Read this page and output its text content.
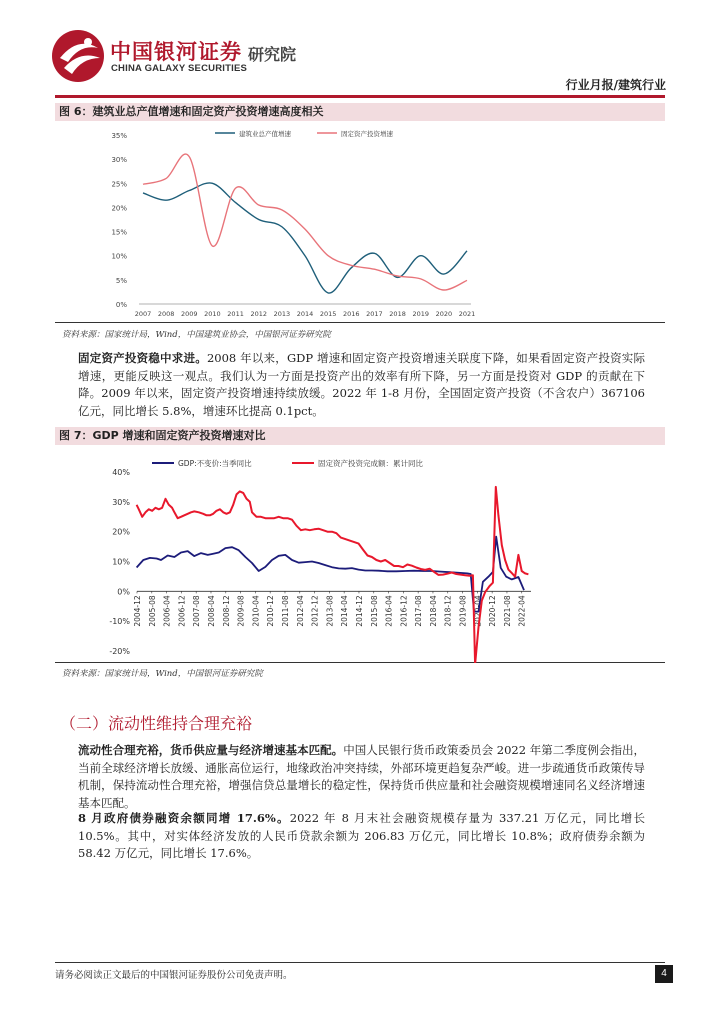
中国银河证券 研究院
CHINA GALAXY SECURITIES
行业月报/建筑行业
图 6：建筑业总产值增速和固定资产投资增速高度相关
0%
5%
10%
15%
20%
25%
30%
35%
2007 2008 2009 2010 2011 2012 2013 2014 2015 2016 2017 2018 2019 2020 2021
建筑业总产值增速	固定资产投资增速
资料来源：国家统计局，Wind，中国建筑业协会，中国银河证券研究院
固定资产投资稳中求进。2008 年以来，GDP 增速和固定资产投资增速关联度下降，如果看固定资产投资实际增速，更能反映这一观点。我们认为一方面是投资产出的效率有所下降，另一方面是投资对 GDP 的贡献在下降。2009 年以来，固定资产投资增速持续放缓。2022 年 1-8 月份，全国固定资产投资（不含农户）367106 亿元，同比增长 5.8%，增速环比提高 0.1pct。
图 7：GDP 增速和固定资产投资增速对比
-20%
-10%
0%
10%
20%
30%
40%
2004-12 2005-08 2006-04 2006-12 2007-08 2008-04 2008-12 2009-08 2010-04 2010-12 2011-08 2012-04 2012-12 2013-08 2014-04 2014-12 2015-08 2016-04 2016-12 2017-08 2018-04 2018-12 2019-08 2020-04 2020-12 2021-08 2022-04
GDP:不变价:当季同比	固定资产投资完成额：累计同比
资料来源：国家统计局，Wind，中国银河证券研究院
（二）流动性维持合理充裕
流动性合理充裕，货币供应量与经济增速基本匹配。中国人民银行货币政策委员会 2022 年第二季度例会指出，当前全球经济增长放缓、通胀高位运行，地缘政治冲突持续，外部环境更趋复杂严峻。进一步疏通货币政策传导机制，保持流动性合理充裕，增强信贷总量增长的稳定性，保持货币供应量和社会融资规模增速同名义经济增速基本匹配。
8 月政府债券融资余额同增 17.6%。2022 年 8 月末社会融资规模存量为 337.21 万亿元，同比增长 10.5%。其中，对实体经济发放的人民币贷款余额为 206.83 万亿元，同比增长 10.8%；政府债券余额为 58.42 万亿元，同比增长 17.6%。
请务必阅读正文最后的中国银河证券股份公司免责声明。	4
